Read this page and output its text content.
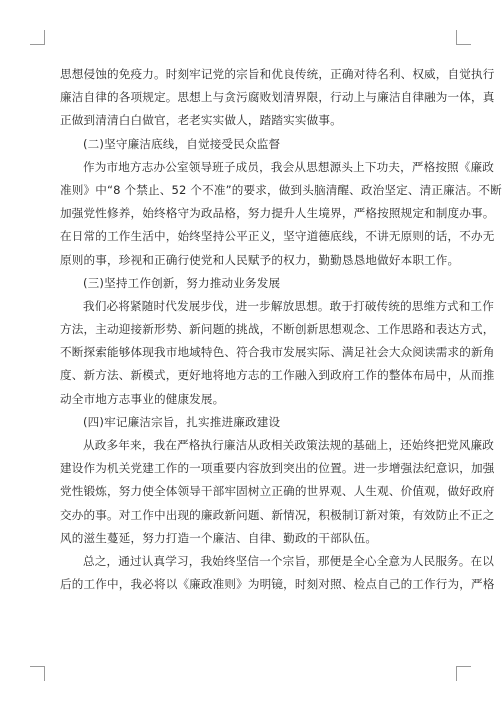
思想侵蚀的免疫力。时刻牢记党的宗旨和优良传统，正确对待名利、权威，自觉执行
廉洁自律的各项规定。思想上与贪污腐败划清界限，行动上与廉洁自律融为一体，真
正做到清清白白做官，老老实实做人，踏踏实实做事。
(二)坚守廉洁底线，自觉接受民众监督
作为市地方志办公室领导班子成员，我会从思想源头上下功夫，严格按照《廉政
准则》中“8 个禁止、52 个不准”的要求，做到头脑清醒、政治坚定、清正廉洁。不断
加强党性修养，始终格守为政品格，努力提升人生境界，严格按照规定和制度办事。
在日常的工作生活中，始终坚持公平正义，坚守道德底线，不讲无原则的话，不办无
原则的事，珍视和正确行使党和人民赋予的权力，勤勤恳恳地做好本职工作。
(三)坚持工作创新，努力推动业务发展
我们必将紧随时代发展步伐，进一步解放思想。敢于打破传统的思维方式和工作
方法，主动迎接新形势、新问题的挑战，不断创新思想观念、工作思路和表达方式，
不断探索能够体现我市地域特色、符合我市发展实际、满足社会大众阅读需求的新角
度、新方法、新模式，更好地将地方志的工作融入到政府工作的整体布局中，从而推
动全市地方志事业的健康发展。
(四)牢记廉洁宗旨，扎实推进廉政建设
从政多年来，我在严格执行廉洁从政相关政策法规的基础上，还始终把党风廉政
建设作为机关党建工作的一项重要内容放到突出的位置。进一步增强法纪意识，加强
党性锻炼，努力使全体领导干部牢固树立正确的世界观、人生观、价值观，做好政府
交办的事。对工作中出现的廉政新问题、新情况，积极制订新对策，有效防止不正之
风的滋生蔓延，努力打造一个廉洁、自律、勤政的干部队伍。
总之，通过认真学习，我始终坚信一个宗旨，那便是全心全意为人民服务。在以
后的工作中，我必将以《廉政准则》为明镜，时刻对照、检点自己的工作行为，严格
